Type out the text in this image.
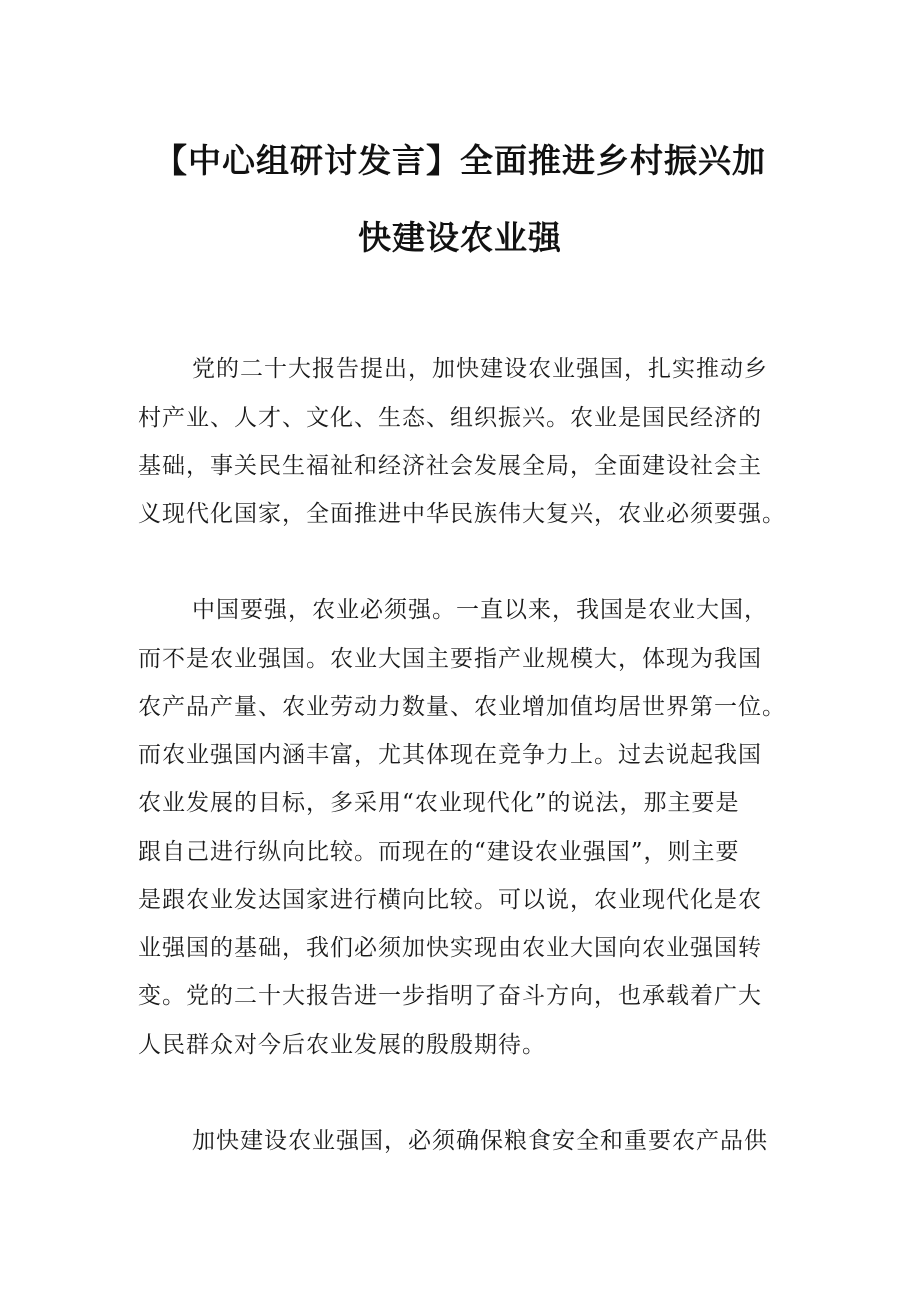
【中心组研讨发言】全面推进乡村振兴加
快建设农业强
党的二十大报告提出，加快建设农业强国，扎实推动乡
村产业、人才、文化、生态、组织振兴。农业是国民经济的
基础，事关民生福祉和经济社会发展全局，全面建设社会主
义现代化国家，全面推进中华民族伟大复兴，农业必须要强。
中国要强，农业必须强。一直以来，我国是农业大国，
而不是农业强国。农业大国主要指产业规模大，体现为我国
农产品产量、农业劳动力数量、农业增加值均居世界第一位。
而农业强国内涵丰富，尤其体现在竞争力上。过去说起我国
农业发展的目标，多采用“农业现代化”的说法，那主要是
跟自己进行纵向比较。而现在的“建设农业强国”，则主要
是跟农业发达国家进行横向比较。可以说，农业现代化是农
业强国的基础，我们必须加快实现由农业大国向农业强国转
变。党的二十大报告进一步指明了奋斗方向，也承载着广大
人民群众对今后农业发展的殷殷期待。
加快建设农业强国，必须确保粮食安全和重要农产品供
